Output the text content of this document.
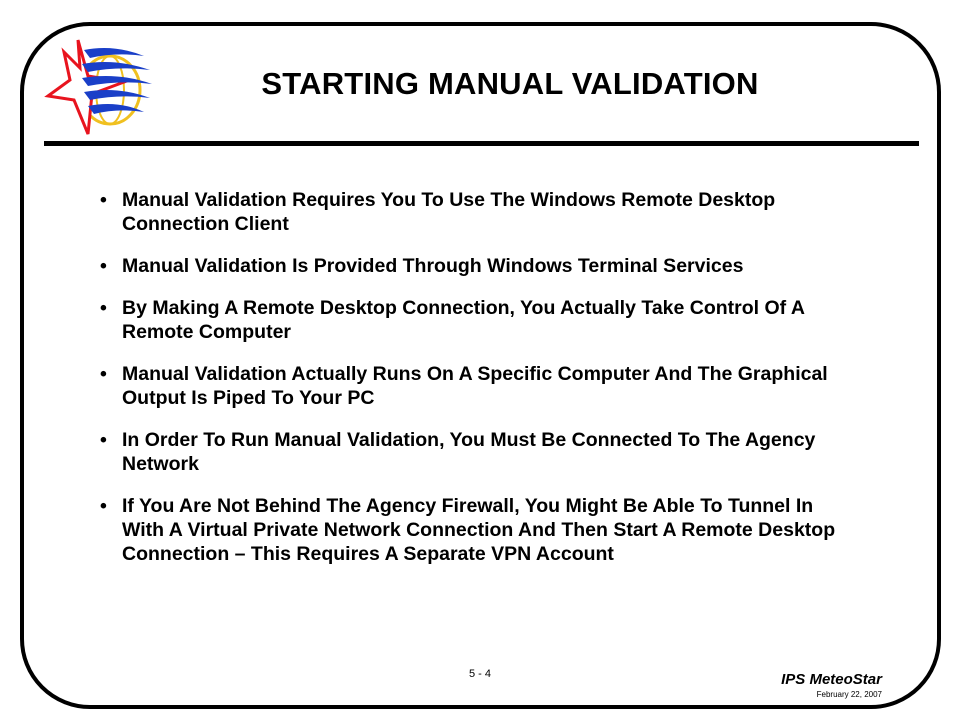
STARTING MANUAL VALIDATION
• Manual Validation Requires You To Use The Windows Remote Desktop Connection Client
• Manual Validation Is Provided Through Windows Terminal Services
• By Making A Remote Desktop Connection, You Actually Take Control Of A Remote Computer
• Manual Validation Actually Runs On A Specific Computer And The Graphical Output Is Piped To Your PC
• In Order To Run Manual Validation, You Must Be Connected To The Agency Network
• If You Are Not Behind The Agency Firewall, You Might Be Able To Tunnel In With A Virtual Private Network Connection And Then Start A Remote Desktop Connection – This Requires A Separate VPN Account
5 - 4	IPS MeteoStar
February 22, 2007
